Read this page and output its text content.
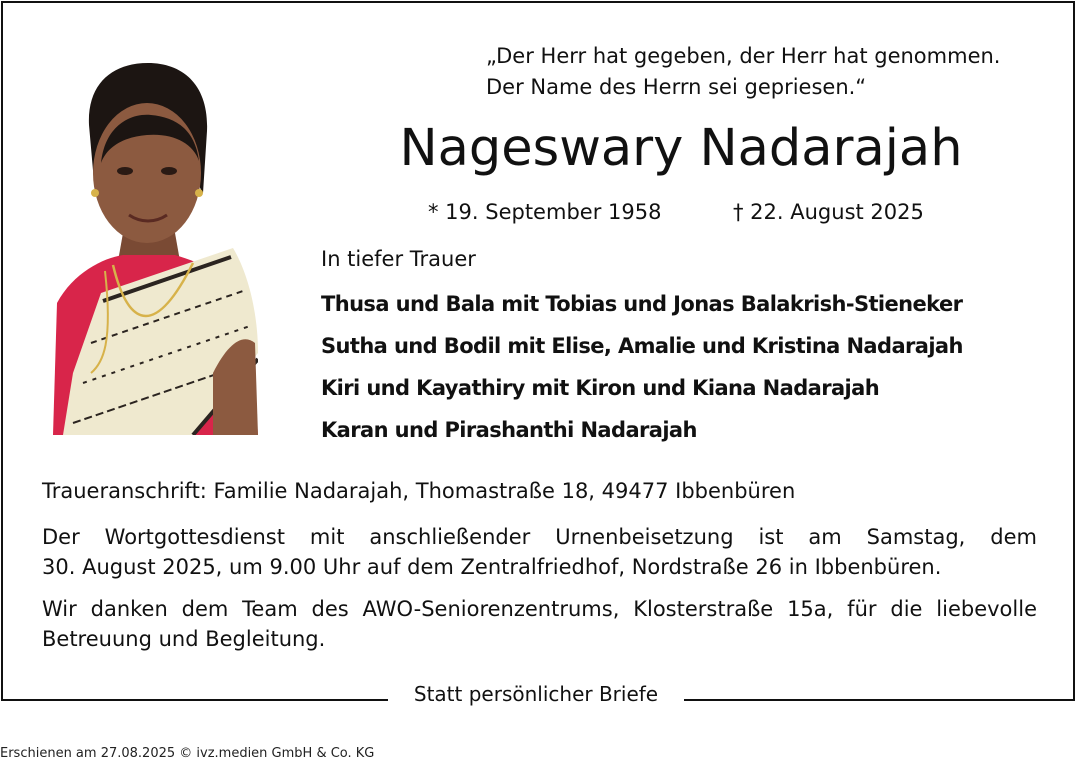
„Der Herr hat gegeben, der Herr hat genommen.
Der Name des Herrn sei gepriesen.“
Nageswary Nadarajah
* 19. September 1958	† 22. August 2025
In tiefer Trauer
Thusa und Bala mit Tobias und Jonas Balakrish-Stieneker
Sutha und Bodil mit Elise, Amalie und Kristina Nadarajah
Kiri und Kayathiry mit Kiron und Kiana Nadarajah
Karan und Pirashanthi Nadarajah
Traueranschrift: Familie Nadarajah, Thomastraße 18, 49477 Ibbenbüren
Der Wortgottesdienst mit anschließender Urnenbeisetzung ist am Samstag, dem
30. August 2025, um 9.00 Uhr auf dem Zentralfriedhof, Nordstraße 26 in Ibbenbüren.
Wir danken dem Team des AWO-Seniorenzentrums, Klosterstraße 15a, für die liebevolle
Betreuung und Begleitung.
Statt persönlicher Briefe
Erschienen am 27.08.2025 © ivz.medien GmbH & Co. KG
